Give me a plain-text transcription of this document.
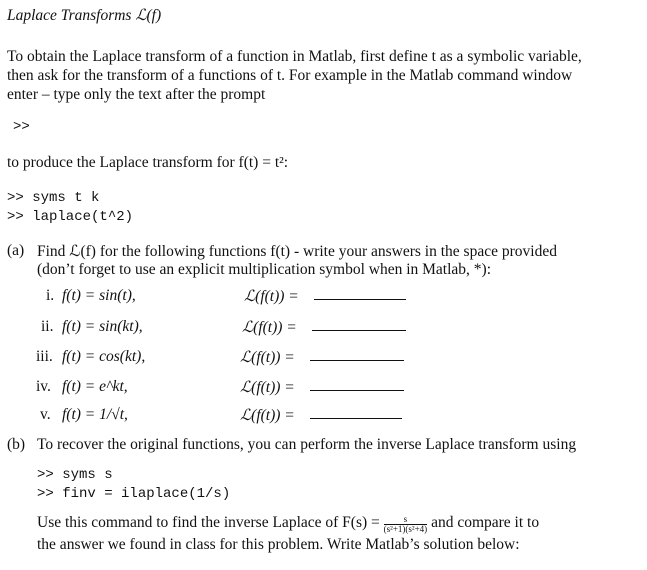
Laplace Transforms ℒ(f)
To obtain the Laplace transform of a function in Matlab, first define t as a symbolic variable,
then ask for the transform of a functions of t. For example in the Matlab command window
enter – type only the text after the prompt
>>
to produce the Laplace transform for f(t) = t²:
>> syms t k
>> laplace(t^2)
(a) Find ℒ(f) for the following functions f(t) - write your answers in the space provided
(don’t forget to use an explicit multiplication symbol when in Matlab, *):
i. f(t) = sin(t),	ℒ(f(t)) =
ii. f(t) = sin(kt),	ℒ(f(t)) =
iii. f(t) = cos(kt),	ℒ(f(t)) =
iv. f(t) = e^kt,	ℒ(f(t)) =
v. f(t) = 1/√t,	ℒ(f(t)) =
(b) To recover the original functions, you can perform the inverse Laplace transform using
>> syms s
>> finv = ilaplace(1/s)
Use this command to find the inverse Laplace of $F(s) = \frac{s}{\text{(s²+1)(s²+4)}}$ and compare it to
the answer we found in class for this problem. Write Matlab’s solution below:
